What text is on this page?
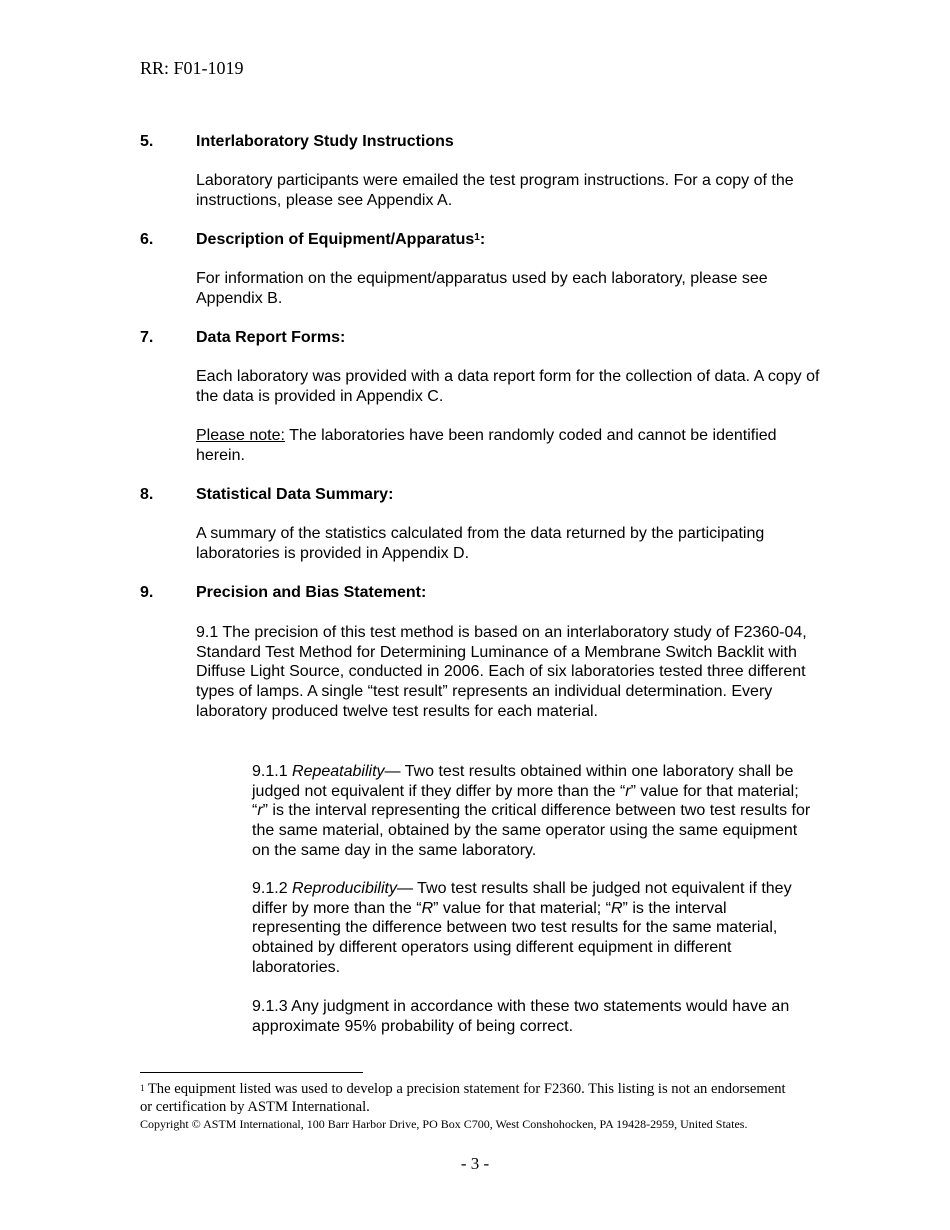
RR: F01-1019
5.	Interlaboratory Study Instructions
Laboratory participants were emailed the test program instructions. For a copy of the instructions, please see Appendix A.
6.	Description of Equipment/Apparatus$^1$:
For information on the equipment/apparatus used by each laboratory, please see Appendix B.
7.	Data Report Forms:
Each laboratory was provided with a data report form for the collection of data. A copy of the data is provided in Appendix C.
Please note: The laboratories have been randomly coded and cannot be identified herein.
8.	Statistical Data Summary:
A summary of the statistics calculated from the data returned by the participating laboratories is provided in Appendix D.
9.	Precision and Bias Statement:
9.1 The precision of this test method is based on an interlaboratory study of F2360-04, Standard Test Method for Determining Luminance of a Membrane Switch Backlit with Diffuse Light Source, conducted in 2006. Each of six laboratories tested three different types of lamps. A single “test result” represents an individual determination. Every laboratory produced twelve test results for each material.
9.1.1 Repeatability— Two test results obtained within one laboratory shall be judged not equivalent if they differ by more than the “r” value for that material; “r” is the interval representing the critical difference between two test results for the same material, obtained by the same operator using the same equipment on the same day in the same laboratory.
9.1.2 Reproducibility— Two test results shall be judged not equivalent if they differ by more than the “R” value for that material; “R” is the interval representing the difference between two test results for the same material, obtained by different operators using different equipment in different laboratories.
9.1.3 Any judgment in accordance with these two statements would have an approximate 95% probability of being correct.
$^1$ The equipment listed was used to develop a precision statement for F2360. This listing is not an endorsement or certification by ASTM International.
Copyright © ASTM International, 100 Barr Harbor Drive, PO Box C700, West Conshohocken, PA 19428-2959, United States.
- 3 -
